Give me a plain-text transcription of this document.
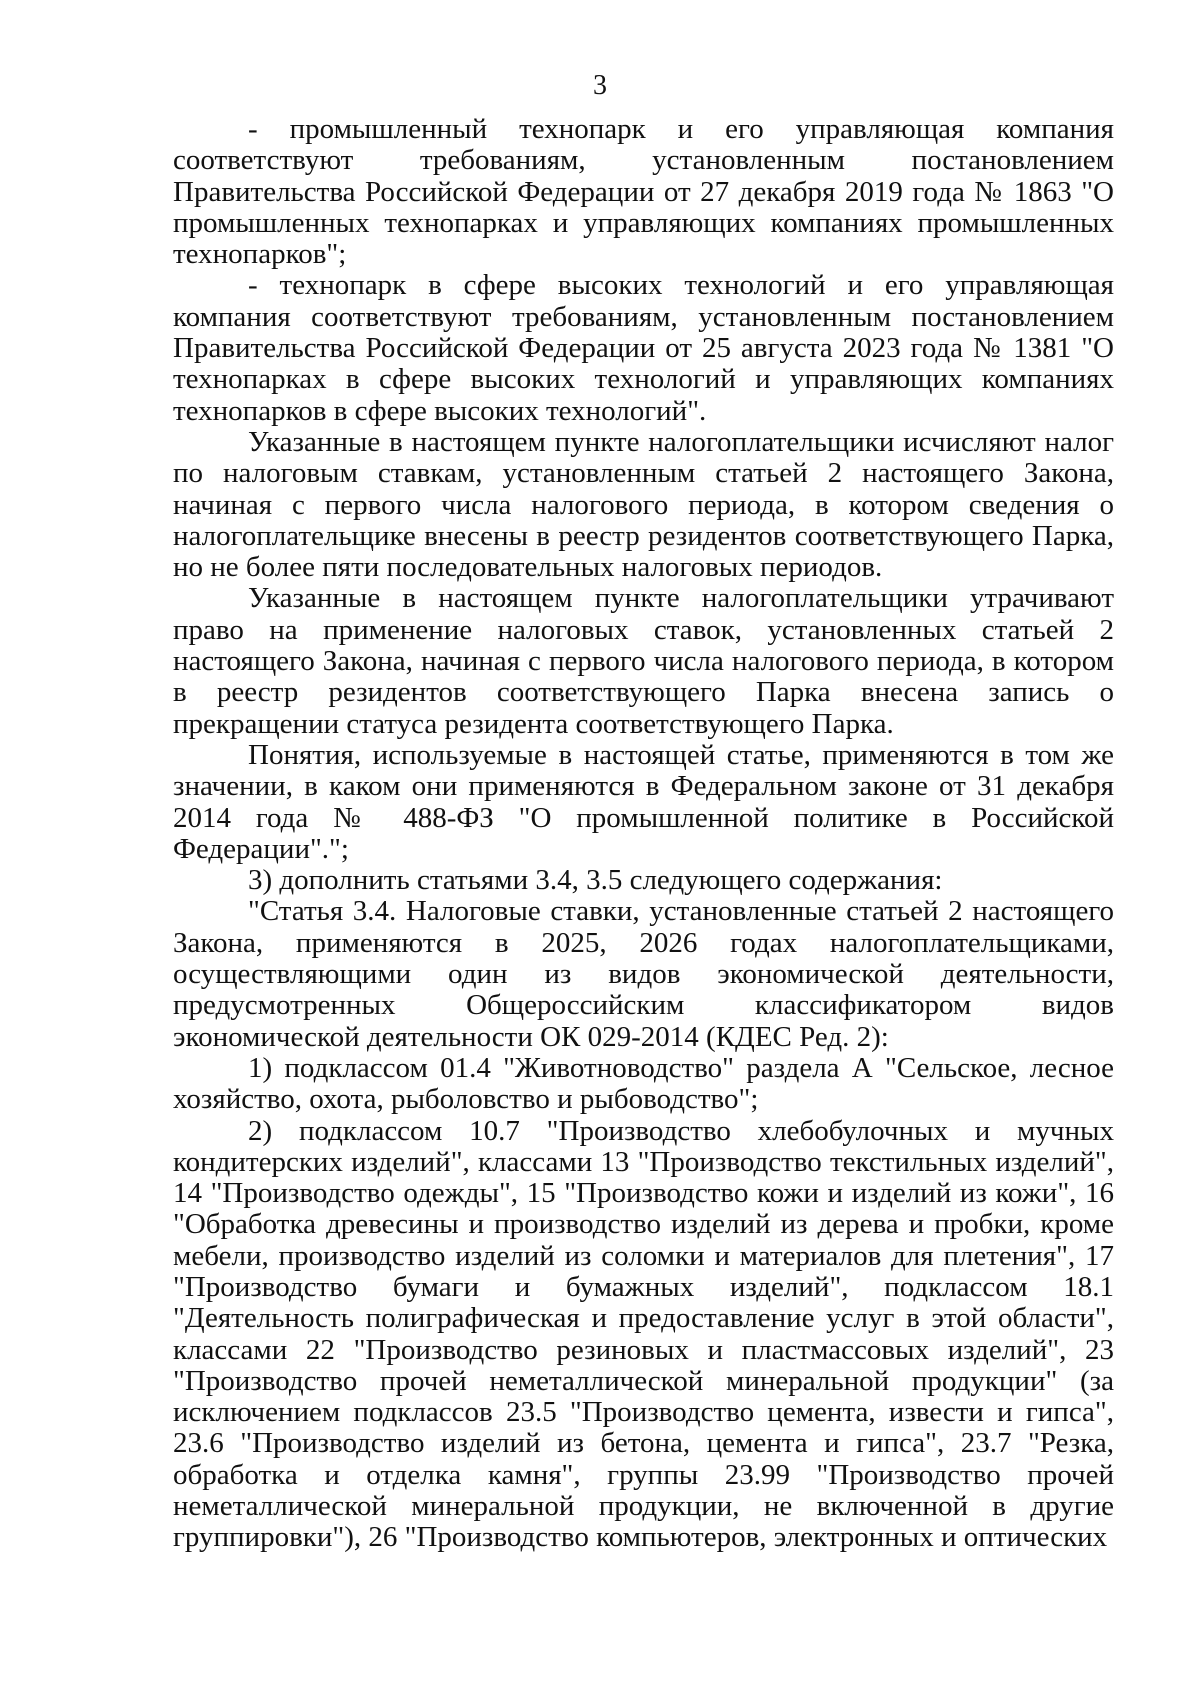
3

- промышленный технопарк и его управляющая компания соответствуют требованиям, установленным постановлением Правительства Российской Федерации от 27 декабря 2019 года № 1863 "О промышленных технопарках и управляющих компаниях промышленных технопарков";

- технопарк в сфере высоких технологий и его управляющая компания соответствуют требованиям, установленным постановлением Правительства Российской Федерации от 25 августа 2023 года № 1381 "О технопарках в сфере высоких технологий и управляющих компаниях технопарков в сфере высоких технологий".

Указанные в настоящем пункте налогоплательщики исчисляют налог по налоговым ставкам, установленным статьей 2 настоящего Закона, начиная с первого числа налогового периода, в котором сведения о налогоплательщике внесены в реестр резидентов соответствующего Парка, но не более пяти последовательных налоговых периодов.

Указанные в настоящем пункте налогоплательщики утрачивают право на применение налоговых ставок, установленных статьей 2 настоящего Закона, начиная с первого числа налогового периода, в котором в реестр резидентов соответствующего Парка внесена запись о прекращении статуса резидента соответствующего Парка.

Понятия, используемые в настоящей статье, применяются в том же значении, в каком они применяются в Федеральном законе от 31 декабря 2014 года № 488-ФЗ "О промышленной политике в Российской Федерации".";

3) дополнить статьями 3.4, 3.5 следующего содержания:

"Статья 3.4. Налоговые ставки, установленные статьей 2 настоящего Закона, применяются в 2025, 2026 годах налогоплательщиками, осуществляющими один из видов экономической деятельности, предусмотренных Общероссийским классификатором видов экономической деятельности ОК 029-2014 (КДЕС Ред. 2):

1) подклассом 01.4 "Животноводство" раздела А "Сельское, лесное хозяйство, охота, рыболовство и рыбоводство";

2) подклассом 10.7 "Производство хлебобулочных и мучных кондитерских изделий", классами 13 "Производство текстильных изделий", 14 "Производство одежды", 15 "Производство кожи и изделий из кожи", 16 "Обработка древесины и производство изделий из дерева и пробки, кроме мебели, производство изделий из соломки и материалов для плетения", 17 "Производство бумаги и бумажных изделий", подклассом 18.1 "Деятельность полиграфическая и предоставление услуг в этой области", классами 22 "Производство резиновых и пластмассовых изделий", 23 "Производство прочей неметаллической минеральной продукции" (за исключением подклассов 23.5 "Производство цемента, извести и гипса", 23.6 "Производство изделий из бетона, цемента и гипса", 23.7 "Резка, обработка и отделка камня", группы 23.99 "Производство прочей неметаллической минеральной продукции, не включенной в другие группировки"), 26 "Производство компьютеров, электронных и оптических
